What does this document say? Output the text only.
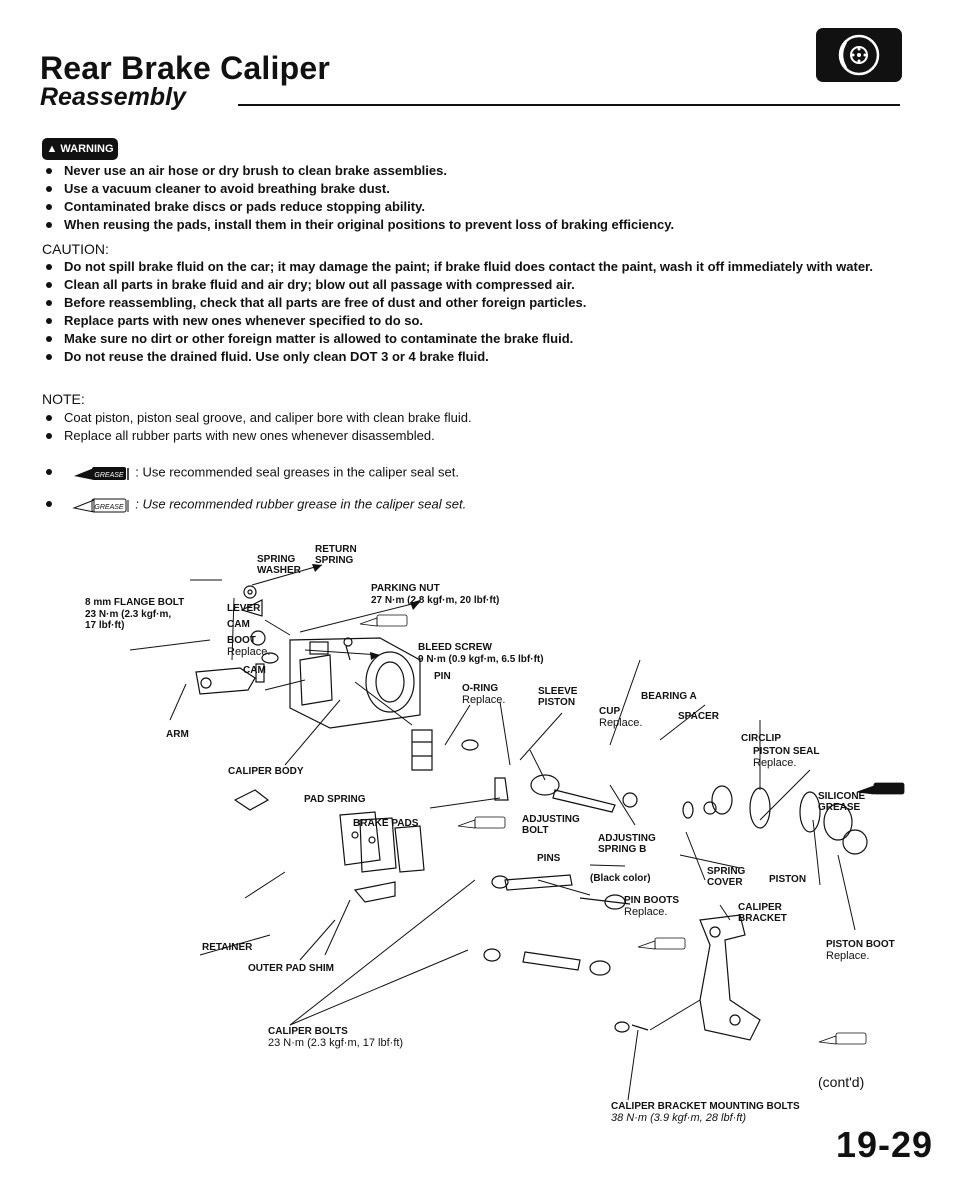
Rear Brake Caliper
Reassembly
▲ WARNING
Never use an air hose or dry brush to clean brake assemblies.
Use a vacuum cleaner to avoid breathing brake dust.
Contaminated brake discs or pads reduce stopping ability.
When reusing the pads, install them in their original positions to prevent loss of braking efficiency.
CAUTION:
Do not spill brake fluid on the car; it may damage the paint; if brake fluid does contact the paint, wash it off immediately with water.
Clean all parts in brake fluid and air dry; blow out all passage with compressed air.
Before reassembling, check that all parts are free of dust and other foreign particles.
Replace parts with new ones whenever specified to do so.
Make sure no dirt or other foreign matter is allowed to contaminate the brake fluid.
Do not reuse the drained fluid. Use only clean DOT 3 or 4 brake fluid.
NOTE:
Coat piston, piston seal groove, and caliper bore with clean brake fluid.
Replace all rubber parts with new ones whenever disassembled.

GREASE : Use recommended seal greases in the caliper seal set.

GREASE : Use recommended rubber grease in the caliper seal set.
RETURN
SPRING
SPRING
WASHER
PARKING NUT
27 N·m (2.8 kgf·m, 20 lbf·ft)
8 mm FLANGE BOLT
23 N·m (2.3 kgf·m,
17 lbf·ft)
LEVER
CAM
BOOT
Replace.
CAM
BLEED SCREW
9 N·m (0.9 kgf·m, 6.5 lbf·ft)
PIN
O-RING
Replace.
SLEEVE
PISTON
BEARING A
CUP
Replace.
SPACER
ARM	CIRCLIP
PISTON SEAL
Replace.
CALIPER BODY
SILICONE
GREASE
PAD SPRING
ADJUSTING
BOLT
BRAKE PADS
ADJUSTING
SPRING B
PINS
(Black color)
SPRING
COVER	PISTON
PIN BOOTS
Replace.	CALIPER
BRACKET
RETAINER	PISTON BOOT
Replace.
OUTER PAD SHIM
CALIPER BOLTS
23 N·m (2.3 kgf·m, 17 lbf·ft)
CALIPER BRACKET MOUNTING BOLTS
38 N·m (3.9 kgf·m, 28 lbf·ft)
(cont'd)
19-29
